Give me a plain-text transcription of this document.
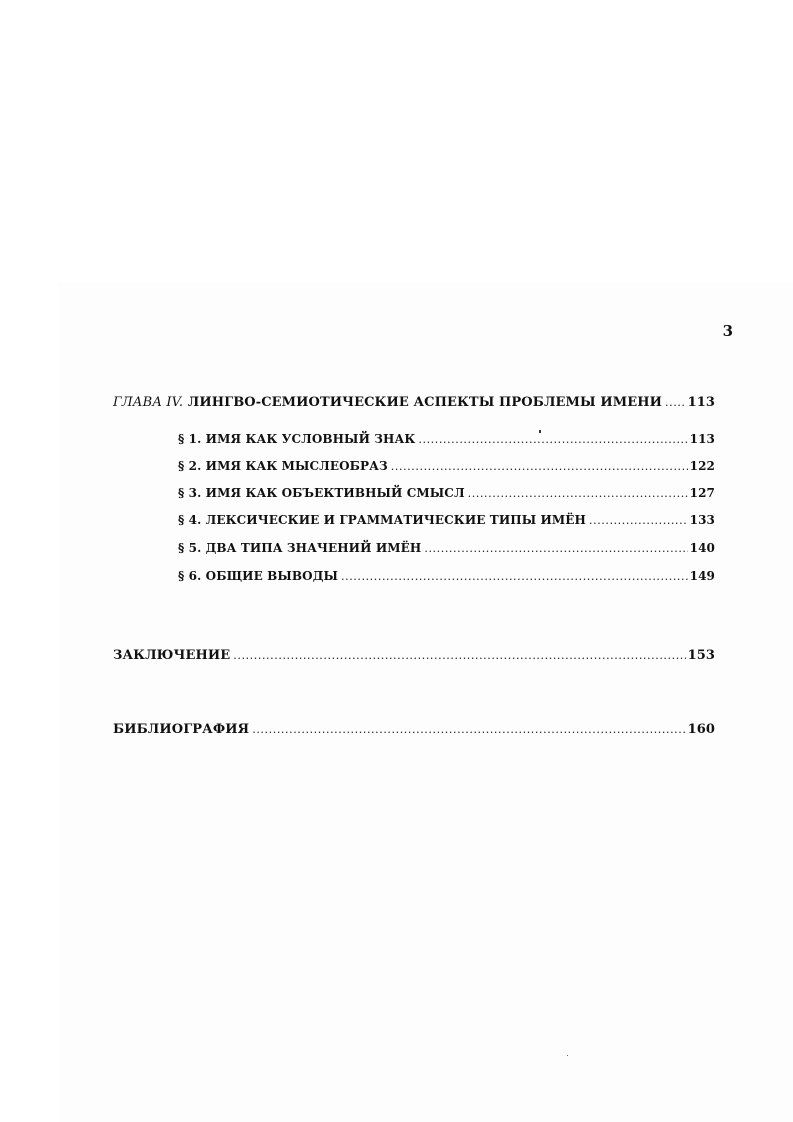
3
ГЛАВА IV. ЛИНГВО-СЕМИОТИЧЕСКИЕ АСПЕКТЫ ПРОБЛЕМЫ ИМЕНИ ..... 113
§ 1. ИМЯ КАК УСЛОВНЫЙ ЗНАК .....	113
§ 2. ИМЯ КАК МЫСЛЕОБРАЗ .....	122
§ 3. ИМЯ КАК ОБЪЕКТИВНЫЙ СМЫСЛ .....	127
§ 4. ЛЕКСИЧЕСКИЕ И ГРАММАТИЧЕСКИЕ ТИПЫ ИМЁН .....	133
§ 5. ДВА ТИПА ЗНАЧЕНИЙ ИМЁН .....	140
§ 6. ОБЩИЕ ВЫВОДЫ .....	149
ЗАКЛЮЧЕНИЕ .....	153
БИБЛИОГРАФИЯ .....	160
